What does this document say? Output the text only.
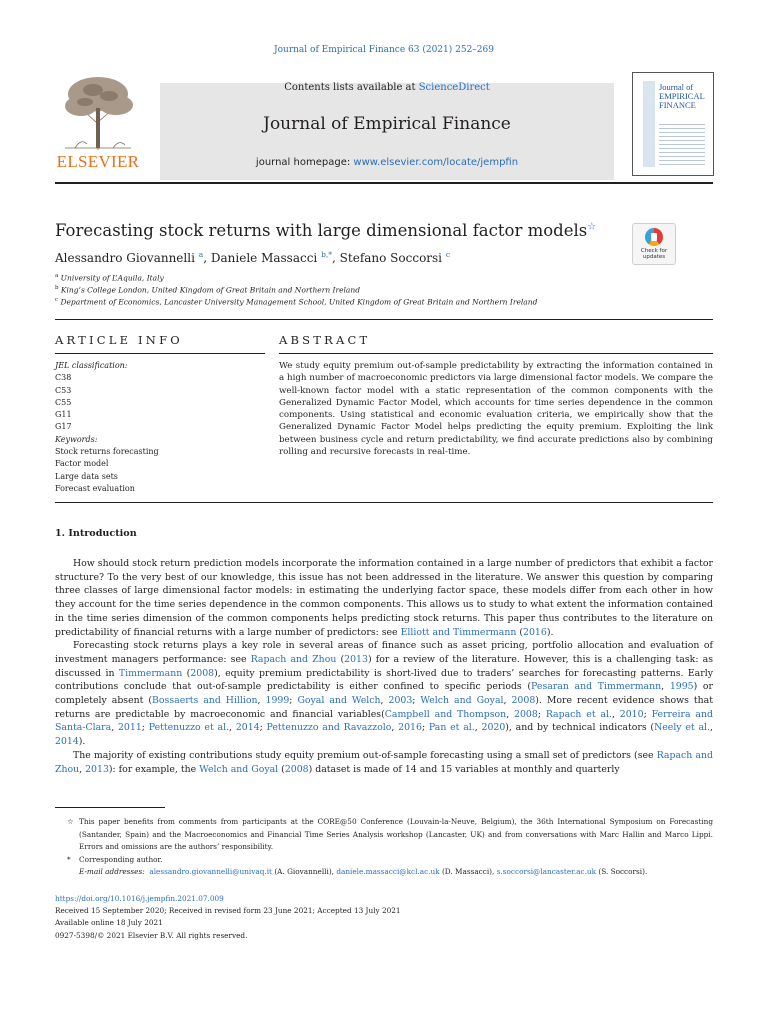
Journal of Empirical Finance 63 (2021) 252–269
ELSEVIER
Contents lists available at ScienceDirect
Journal of Empirical Finance
journal homepage: www.elsevier.com/locate/jempfin
Journal of
EMPIRICAL
FINANCE
Forecasting stock returns with large dimensional factor models☆
Check for
updates
Alessandro Giovannelli $^a$, Daniele Massacci $^{b,*}$, Stefano Soccorsi $^c$
$^a$ University of L’Aquila, Italy
$^b$ King’s College London, United Kingdom of Great Britain and Northern Ireland
$^c$ Department of Economics, Lancaster University Management School, United Kingdom of Great Britain and Northern Ireland
ARTICLE INFO	ABSTRACT
JEL classification:
C38
C53
C55
G11
G17
Keywords:
Stock returns forecasting
Factor model
Large data sets
Forecast evaluation
We study equity premium out-of-sample predictability by extracting the information contained in a high number of macroeconomic predictors via large dimensional factor models. We compare the well-known factor model with a static representation of the common components with the Generalized Dynamic Factor Model, which accounts for time series dependence in the common components. Using statistical and economic evaluation criteria, we empirically show that the Generalized Dynamic Factor Model helps predicting the equity premium. Exploiting the link between business cycle and return predictability, we find accurate predictions also by combining rolling and recursive forecasts in real-time.
1. Introduction

How should stock return prediction models incorporate the information contained in a large number of predictors that exhibit a factor structure? To the very best of our knowledge, this issue has not been addressed in the literature. We answer this question by comparing three classes of large dimensional factor models: in estimating the underlying factor space, these models differ from each other in how they account for the time series dependence in the common components. This allows us to study to what extent the information contained in the time series dimension of the common components helps predicting stock returns. This paper thus contributes to the literature on predictability of financial returns with a large number of predictors: see Elliott and Timmermann (2016).

Forecasting stock returns plays a key role in several areas of finance such as asset pricing, portfolio allocation and evaluation of investment managers performance: see Rapach and Zhou (2013) for a review of the literature. However, this is a challenging task: as discussed in Timmermann (2008), equity premium predictability is short-lived due to traders’ searches for forecasting patterns. Early contributions conclude that out-of-sample predictability is either confined to specific periods (Pesaran and Timmermann, 1995) or completely absent (Bossaerts and Hillion, 1999; Goyal and Welch, 2003; Welch and Goyal, 2008). More recent evidence shows that returns are predictable by macroeconomic and financial variables(Campbell and Thompson, 2008; Rapach et al., 2010; Ferreira and Santa-Clara, 2011; Pettenuzzo et al., 2014; Pettenuzzo and Ravazzolo, 2016; Pan et al., 2020), and by technical indicators (Neely et al., 2014).

The majority of existing contributions study equity premium out-of-sample forecasting using a small set of predictors (see Rapach and Zhou, 2013): for example, the Welch and Goyal (2008) dataset is made of 14 and 15 variables at monthly and quarterly

☆ This paper benefits from comments from participants at the CORE@50 Conference (Louvain-la-Neuve, Belgium), the 36th International Symposium on Forecasting (Santander, Spain) and the Macroeconomics and Financial Time Series Analysis workshop (Lancaster, UK) and from conversations with Marc Hallin and Marco Lippi. Errors and omissions are the authors’ responsibility.
* Corresponding author.
E-mail addresses: alessandro.giovannelli@univaq.it (A. Giovannelli), daniele.massacci@kcl.ac.uk (D. Massacci), s.soccorsi@lancaster.ac.uk (S. Soccorsi).
https://doi.org/10.1016/j.jempfin.2021.07.009
Received 15 September 2020; Received in revised form 23 June 2021; Accepted 13 July 2021
Available online 18 July 2021
0927-5398/© 2021 Elsevier B.V. All rights reserved.
